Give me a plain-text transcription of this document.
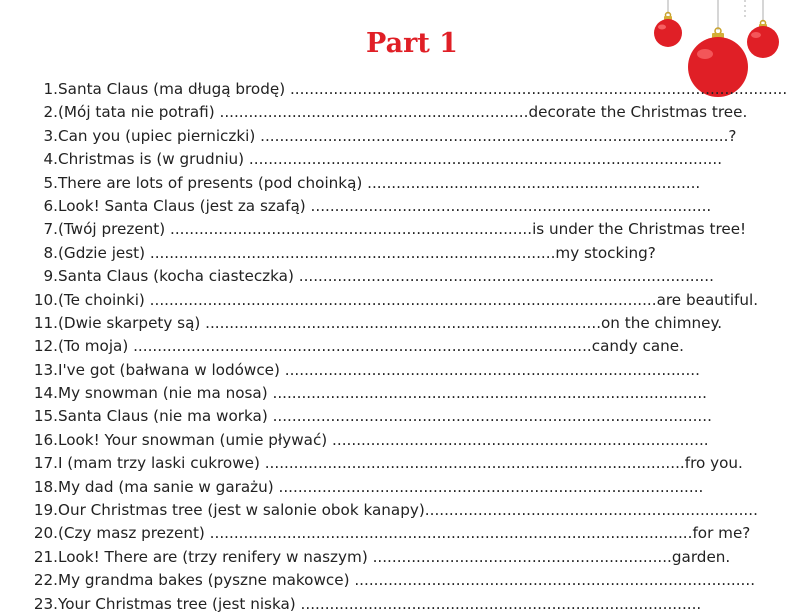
Part 1
1. Santa Claus (ma długą brodę) .......................................................................................................
2. (Mój tata nie potrafi) ................................................................decorate the Christmas tree.
3. Can you (upiec pierniczki) .................................................................................................?
4. Christmas is (w grudniu) ..................................................................................................
5. There are lots of presents (pod choinką) .....................................................................
6. Look! Santa Claus (jest za szafą) ...................................................................................
7. (Twój prezent) ...........................................................................is under the Christmas tree!
8. (Gdzie jest) ....................................................................................my stocking?
9. Santa Claus (kocha ciasteczka) ......................................................................................
10. (Te choinki) .........................................................................................................are beautiful.
11. (Dwie skarpety są) ..................................................................................on the chimney.
12. (To moja) ...............................................................................................candy cane.
13. I've got (bałwana w lodówce) ......................................................................................
14. My snowman (nie ma nosa) ..........................................................................................
15. Santa Claus (nie ma worka) ...........................................................................................
16. Look! Your snowman (umie pływać) ..............................................................................
17. I (mam trzy laski cukrowe) .......................................................................................fro you.
18. My dad (ma sanie w garażu) ........................................................................................
19. Our Christmas tree (jest w salonie obok kanapy).....................................................................
20. (Czy masz prezent) ....................................................................................................for me?
21. Look! There are (trzy renifery w naszym) ..............................................................garden.
22. My grandma bakes (pyszne makowce) ...................................................................................
23. Your Christmas tree (jest niska) ...................................................................................
